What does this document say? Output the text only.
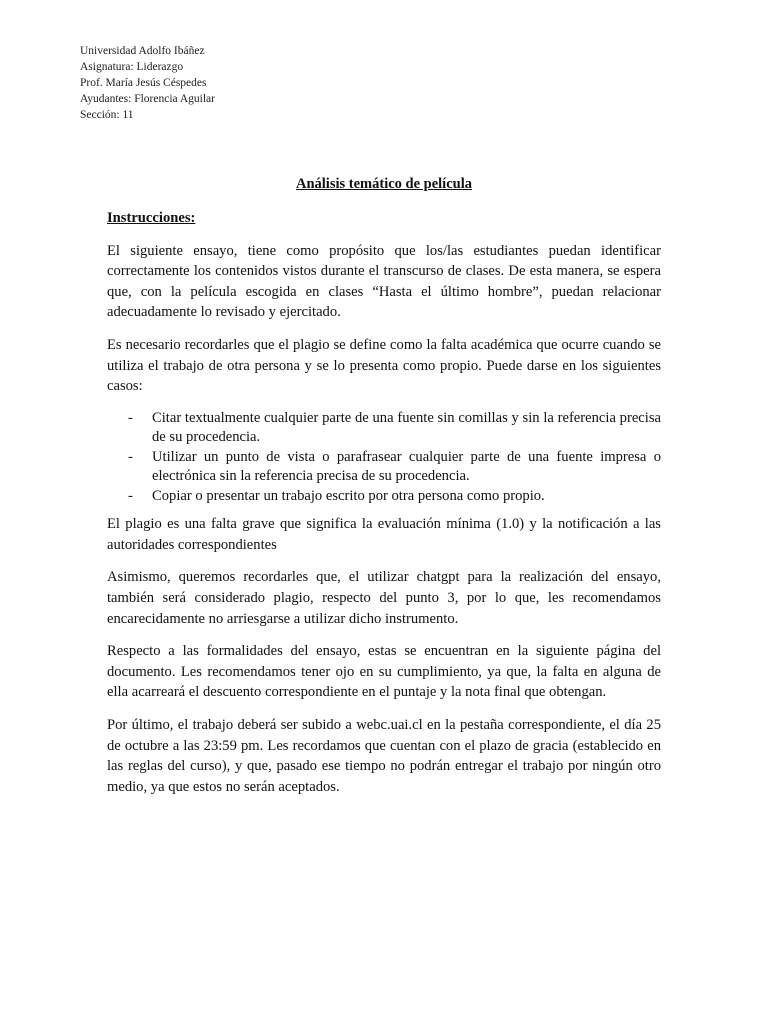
Universidad Adolfo Ibáñez
Asignatura: Liderazgo
Prof. María Jesús Céspedes
Ayudantes: Florencia Aguilar
Sección: 11
Análisis temático de película
Instrucciones:

El siguiente ensayo, tiene como propósito que los/las estudiantes puedan identificar correctamente los contenidos vistos durante el transcurso de clases. De esta manera, se espera que, con la película escogida en clases “Hasta el último hombre”, puedan relacionar adecuadamente lo revisado y ejercitado.

Es necesario recordarles que el plagio se define como la falta académica que ocurre cuando se utiliza el trabajo de otra persona y se lo presenta como propio. Puede darse en los siguientes casos:

- Citar textualmente cualquier parte de una fuente sin comillas y sin la referencia precisa de su procedencia.
- Utilizar un punto de vista o parafrasear cualquier parte de una fuente impresa o electrónica sin la referencia precisa de su procedencia.
- Copiar o presentar un trabajo escrito por otra persona como propio.

El plagio es una falta grave que significa la evaluación mínima (1.0) y la notificación a las autoridades correspondientes

Asimismo, queremos recordarles que, el utilizar chatgpt para la realización del ensayo, también será considerado plagio, respecto del punto 3, por lo que, les recomendamos encarecidamente no arriesgarse a utilizar dicho instrumento.

Respecto a las formalidades del ensayo, estas se encuentran en la siguiente página del documento. Les recomendamos tener ojo en su cumplimiento, ya que, la falta en alguna de ella acarreará el descuento correspondiente en el puntaje y la nota final que obtengan.

Por último, el trabajo deberá ser subido a webc.uai.cl en la pestaña correspondiente, el día 25 de octubre a las 23:59 pm. Les recordamos que cuentan con el plazo de gracia (establecido en las reglas del curso), y que, pasado ese tiempo no podrán entregar el trabajo por ningún otro medio, ya que estos no serán aceptados.
